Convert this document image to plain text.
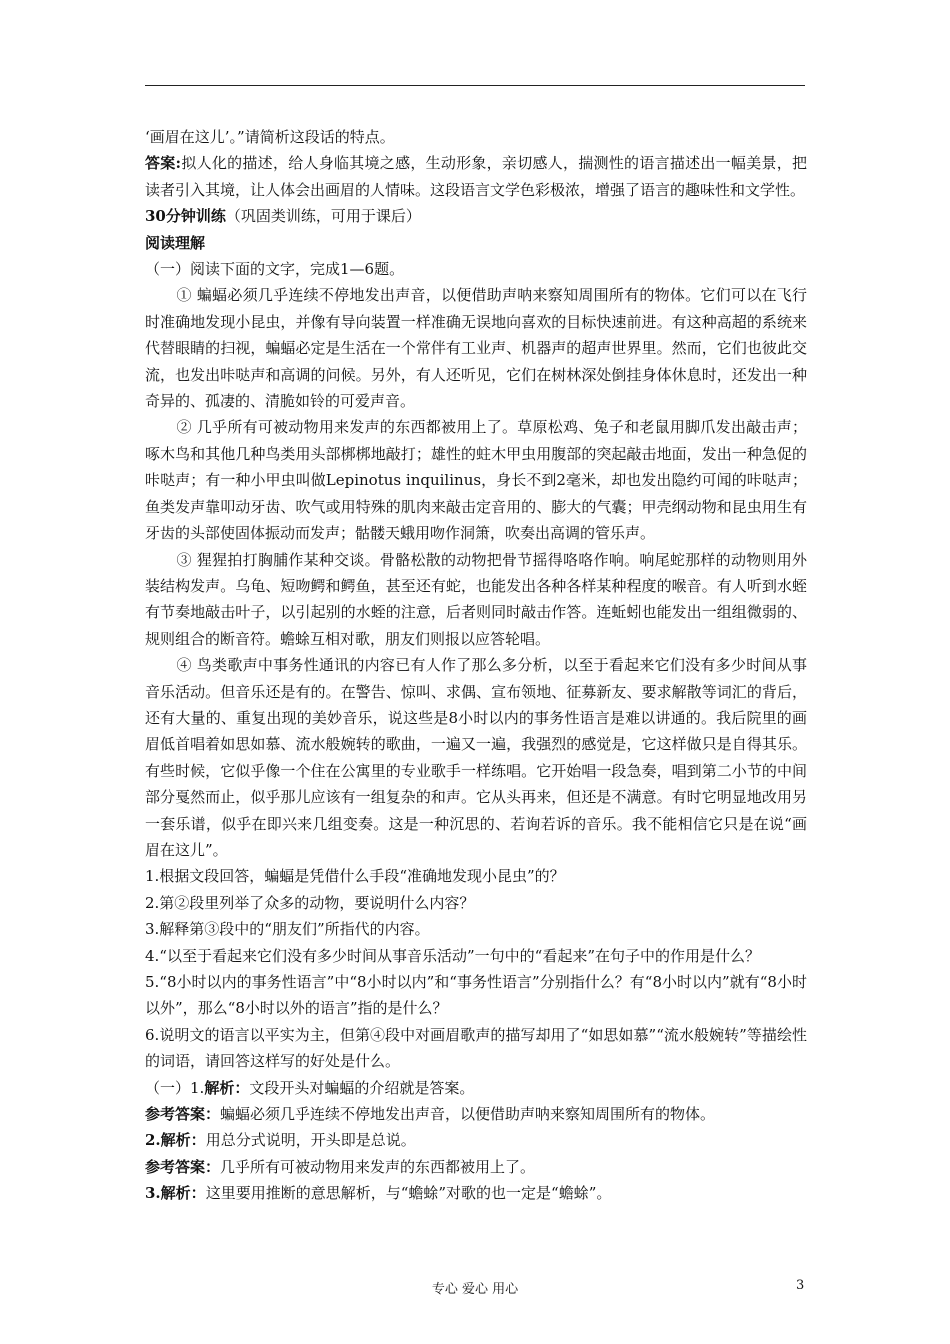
‘画眉在这儿’。”请简析这段话的特点。

答案:拟人化的描述，给人身临其境之感，生动形象，亲切感人，揣测性的语言描述出一幅美景，把读者引入其境，让人体会出画眉的人情味。这段语言文学色彩极浓，增强了语言的趣味性和文学性。

30分钟训练（巩固类训练，可用于课后）

阅读理解

（一）阅读下面的文字，完成1—6题。

① 蝙蝠必须几乎连续不停地发出声音，以便借助声呐来察知周围所有的物体。它们可以在飞行时准确地发现小昆虫，并像有导向装置一样准确无误地向喜欢的目标快速前进。有这种高超的系统来代替眼睛的扫视，蝙蝠必定是生活在一个常伴有工业声、机器声的超声世界里。然而，它们也彼此交流，也发出咔哒声和高调的问候。另外，有人还听见，它们在树林深处倒挂身体休息时，还发出一种奇异的、孤凄的、清脆如铃的可爱声音。

② 几乎所有可被动物用来发声的东西都被用上了。草原松鸡、兔子和老鼠用脚爪发出敲击声；啄木鸟和其他几种鸟类用头部梆梆地敲打；雄性的蛀木甲虫用腹部的突起敲击地面，发出一种急促的咔哒声；有一种小甲虫叫做Lepinotus inquilinus，身长不到2毫米，却也发出隐约可闻的咔哒声；鱼类发声靠叩动牙齿、吹气或用特殊的肌肉来敲击定音用的、膨大的气囊；甲壳纲动物和昆虫用生有牙齿的头部使固体振动而发声；骷髅天蛾用吻作洞箫，吹奏出高调的管乐声。

③ 猩猩拍打胸脯作某种交谈。骨骼松散的动物把骨节摇得咯咯作响。响尾蛇那样的动物则用外装结构发声。乌龟、短吻鳄和鳄鱼，甚至还有蛇，也能发出各种各样某种程度的喉音。有人听到水蛭有节奏地敲击叶子，以引起别的水蛭的注意，后者则同时敲击作答。连蚯蚓也能发出一组组微弱的、规则组合的断音符。蟾蜍互相对歌，朋友们则报以应答轮唱。

④ 鸟类歌声中事务性通讯的内容已有人作了那么多分析，以至于看起来它们没有多少时间从事音乐活动。但音乐还是有的。在警告、惊叫、求偶、宣布领地、征募新友、要求解散等词汇的背后，还有大量的、重复出现的美妙音乐，说这些是8小时以内的事务性语言是难以讲通的。我后院里的画眉低首唱着如思如慕、流水般婉转的歌曲，一遍又一遍，我强烈的感觉是，它这样做只是自得其乐。有些时候，它似乎像一个住在公寓里的专业歌手一样练唱。它开始唱一段急奏，唱到第二小节的中间部分戛然而止，似乎那儿应该有一组复杂的和声。它从头再来，但还是不满意。有时它明显地改用另一套乐谱，似乎在即兴来几组变奏。这是一种沉思的、若询若诉的音乐。我不能相信它只是在说“画眉在这儿”。

1.根据文段回答，蝙蝠是凭借什么手段“准确地发现小昆虫”的？

2.第②段里列举了众多的动物，要说明什么内容？

3.解释第③段中的“朋友们”所指代的内容。

4.“以至于看起来它们没有多少时间从事音乐活动”一句中的“看起来”在句子中的作用是什么？

5.“8小时以内的事务性语言”中“8小时以内”和“事务性语言”分别指什么？有“8小时以内”就有“8小时以外”，那么“8小时以外的语言”指的是什么？

6.说明文的语言以平实为主，但第④段中对画眉歌声的描写却用了“如思如慕”“流水般婉转”等描绘性的词语，请回答这样写的好处是什么。

（一）1.解析：文段开头对蝙蝠的介绍就是答案。

参考答案：蝙蝠必须几乎连续不停地发出声音，以便借助声呐来察知周围所有的物体。

2.解析：用总分式说明，开头即是总说。

参考答案：几乎所有可被动物用来发声的东西都被用上了。

3.解析：这里要用推断的意思解析，与“蟾蜍”对歌的也一定是“蟾蜍”。

专心 爱心 用心	3
